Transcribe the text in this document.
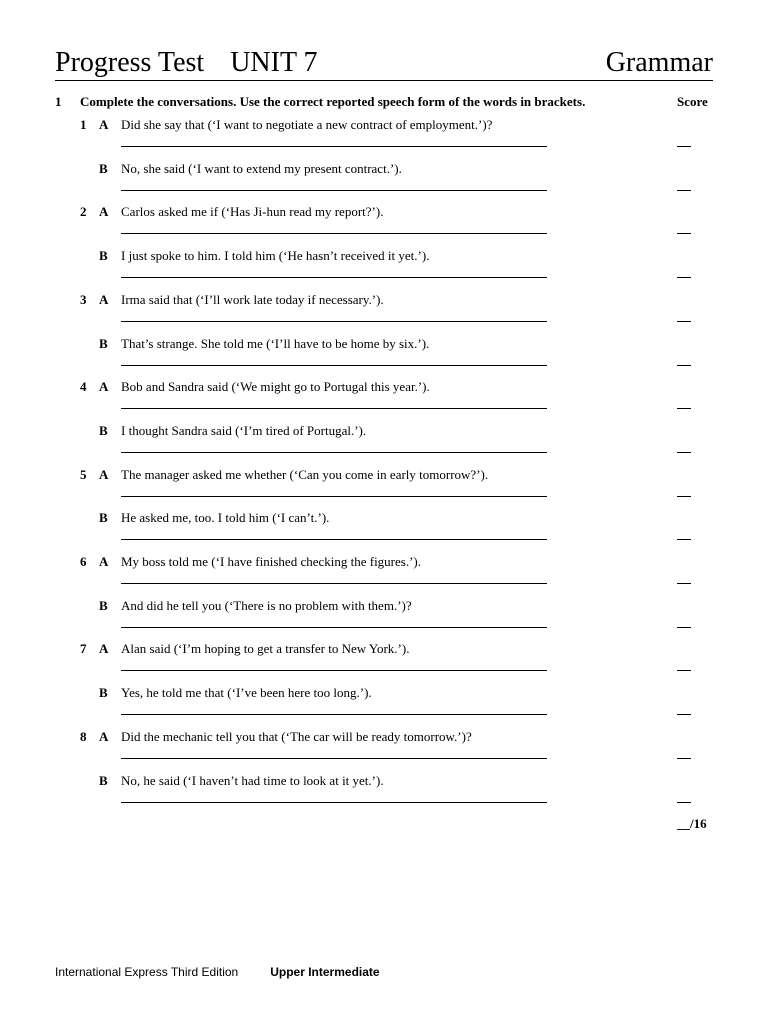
Progress Test UNIT 7	Grammar
1 Complete the conversations. Use the correct reported speech form of the words in brackets.	Score
1 A Did she say that (‘I want to negotiate a new contract of employment.’)?
B No, she said (‘I want to extend my present contract.’).
2 A Carlos asked me if (‘Has Ji-hun read my report?’).
B I just spoke to him. I told him (‘He hasn’t received it yet.’).
3 A Irma said that (‘I’ll work late today if necessary.’).
B That’s strange. She told me (‘I’ll have to be home by six.’).
4 A Bob and Sandra said (‘We might go to Portugal this year.’).
B I thought Sandra said (‘I’m tired of Portugal.’).
5 A The manager asked me whether (‘Can you come in early tomorrow?’).
B He asked me, too. I told him (‘I can’t.’).
6 A My boss told me (‘I have finished checking the figures.’).
B And did he tell you (‘There is no problem with them.’)?
7 A Alan said (‘I’m hoping to get a transfer to New York.’).
B Yes, he told me that (‘I’ve been here too long.’).
8 A Did the mechanic tell you that (‘The car will be ready tomorrow.’)?
B No, he said (‘I haven’t had time to look at it yet.’).
__/16
International Express Third Edition	Upper Intermediate
